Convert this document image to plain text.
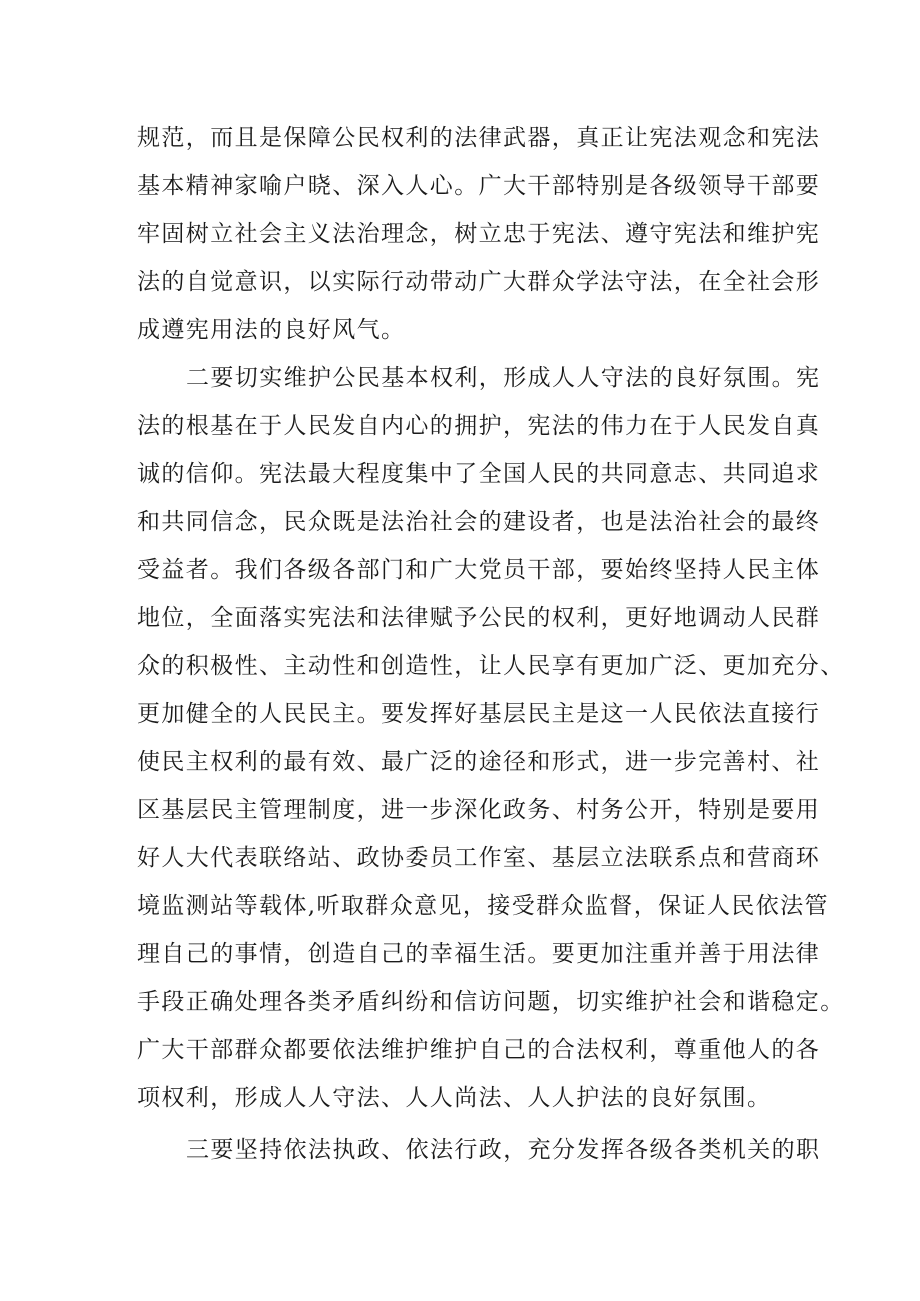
规范，而且是保障公民权利的法律武器，真正让宪法观念和宪法
基本精神家喻户晓、深入人心。广大干部特别是各级领导干部要
牢固树立社会主义法治理念，树立忠于宪法、遵守宪法和维护宪
法的自觉意识，以实际行动带动广大群众学法守法，在全社会形
成遵宪用法的良好风气。
二要切实维护公民基本权利，形成人人守法的良好氛围。宪
法的根基在于人民发自内心的拥护，宪法的伟力在于人民发自真
诚的信仰。宪法最大程度集中了全国人民的共同意志、共同追求
和共同信念，民众既是法治社会的建设者，也是法治社会的最终
受益者。我们各级各部门和广大党员干部，要始终坚持人民主体
地位，全面落实宪法和法律赋予公民的权利，更好地调动人民群
众的积极性、主动性和创造性，让人民享有更加广泛、更加充分、
更加健全的人民民主。要发挥好基层民主是这一人民依法直接行
使民主权利的最有效、最广泛的途径和形式，进一步完善村、社
区基层民主管理制度，进一步深化政务、村务公开，特别是要用
好人大代表联络站、政协委员工作室、基层立法联系点和营商环
境监测站等载体,听取群众意见，接受群众监督，保证人民依法管
理自己的事情，创造自己的幸福生活。要更加注重并善于用法律
手段正确处理各类矛盾纠纷和信访问题，切实维护社会和谐稳定。
广大干部群众都要依法维护维护自己的合法权利，尊重他人的各
项权利，形成人人守法、人人尚法、人人护法的良好氛围。
三要坚持依法执政、依法行政，充分发挥各级各类机关的职
